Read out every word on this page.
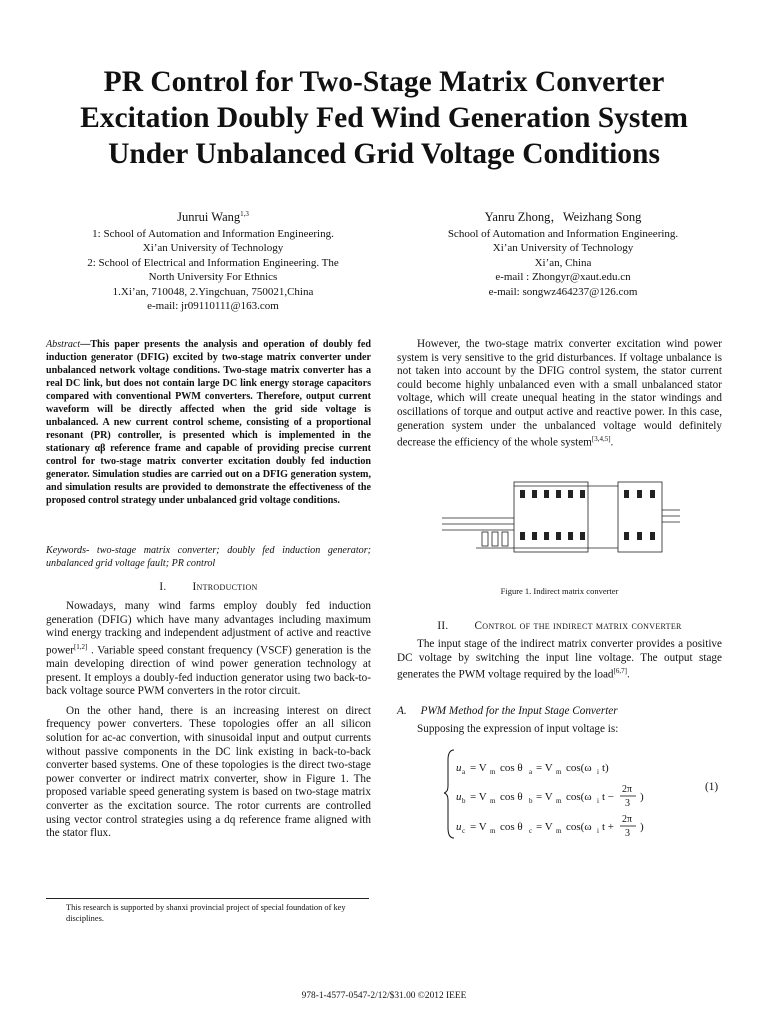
PR Control for Two-Stage Matrix Converter
Excitation Doubly Fed Wind Generation System
Under Unbalanced Grid Voltage Conditions
Junrui Wang$^{1,3}$
1: School of Automation and Information Engineering.
Xi’an University of Technology
2: School of Electrical and Information Engineering. The
North University For Ethnics
1.Xi’an, 710048, 2.Yingchuan, 750021,China
e-mail: jr09110111@163.com
Yanru Zhong，Weizhang Song
School of Automation and Information Engineering.
Xi’an University of Technology
Xi’an, China
e-mail : Zhongyr@xaut.edu.cn
e-mail: songwz464237@126.com
Abstract—This paper presents the analysis and operation of doubly fed induction generator (DFIG) excited by two-stage matrix converter under unbalanced network voltage conditions. Two-stage matrix converter has a real DC link, but does not contain large DC link energy storage capacitors compared with conventional PWM converters. Therefore, output current waveform will be directly affected when the grid side voltage is unbalanced. A new current control scheme, consisting of a proportional resonant (PR) controller, is presented which is implemented in the stationary αβ reference frame and capable of providing precise current control for two-stage matrix converter excitation doubly fed induction generator. Simulation studies are carried out on a DFIG generation system, and simulation results are provided to demonstrate the effectiveness of the proposed control strategy under unbalanced grid voltage conditions.
Keywords- two-stage matrix converter; doubly fed induction generator; unbalanced grid voltage fault; PR control
I. Introduction

Nowadays, many wind farms employ doubly fed induction generation (DFIG) which have many advantages including maximum wind energy tracking and independent adjustment of active and reactive power[1,2] . Variable speed constant frequency (VSCF) generation is the main developing direction of wind power generation technology at present. It employs a doubly-fed induction generator using two back-to-back voltage source PWM converters in the rotor circuit.

On the other hand, there is an increasing interest on direct frequency power converters. These topologies offer an all silicon solution for ac-ac convertion, with sinusoidal input and output currents without passive components in the DC link existing in back-to-back converter based systems. One of these topologies is the direct two-stage power converter or indirect matrix converter, show in Figure 1. The proposed variable speed generating system is based on two-stage matrix converter as the excitation source. The rotor currents are controlled using vector control strategies using a dq reference frame aligned with the stator flux.

This research is supported by shanxi provincial project of special foundation of key disciplines.

However, the two-stage matrix converter excitation wind power system is very sensitive to the grid disturbances. If voltage unbalance is not taken into account by the DFIG control system, the stator current could become highly unbalanced even with a small unbalanced stator voltage, which will create unequal heating in the stator windings and oscillations of torque and output active and reactive power. In this case, generation system under the unbalanced voltage would definitely decrease the efficiency of the whole system[3,4,5].

Figure 1. Indirect matrix converter
II. Control of the indirect matrix converter

The input stage of the indirect matrix converter provides a positive DC voltage by switching the input line voltage. The output stage generates the PWM voltage required by the load[6,7].

A. PWM Method for the Input Stage Converter

Supposing the expression of input voltage is:

u a = V m cos θ a = V m cos(ω i t)
u b = V m cos θ b = V m cos(ω i t −
2π
3
)
u c = V m cos θ c = V m cos(ω i t +
2π
3
)
(1)
978-1-4577-0547-2/12/$31.00 ©2012 IEEE
